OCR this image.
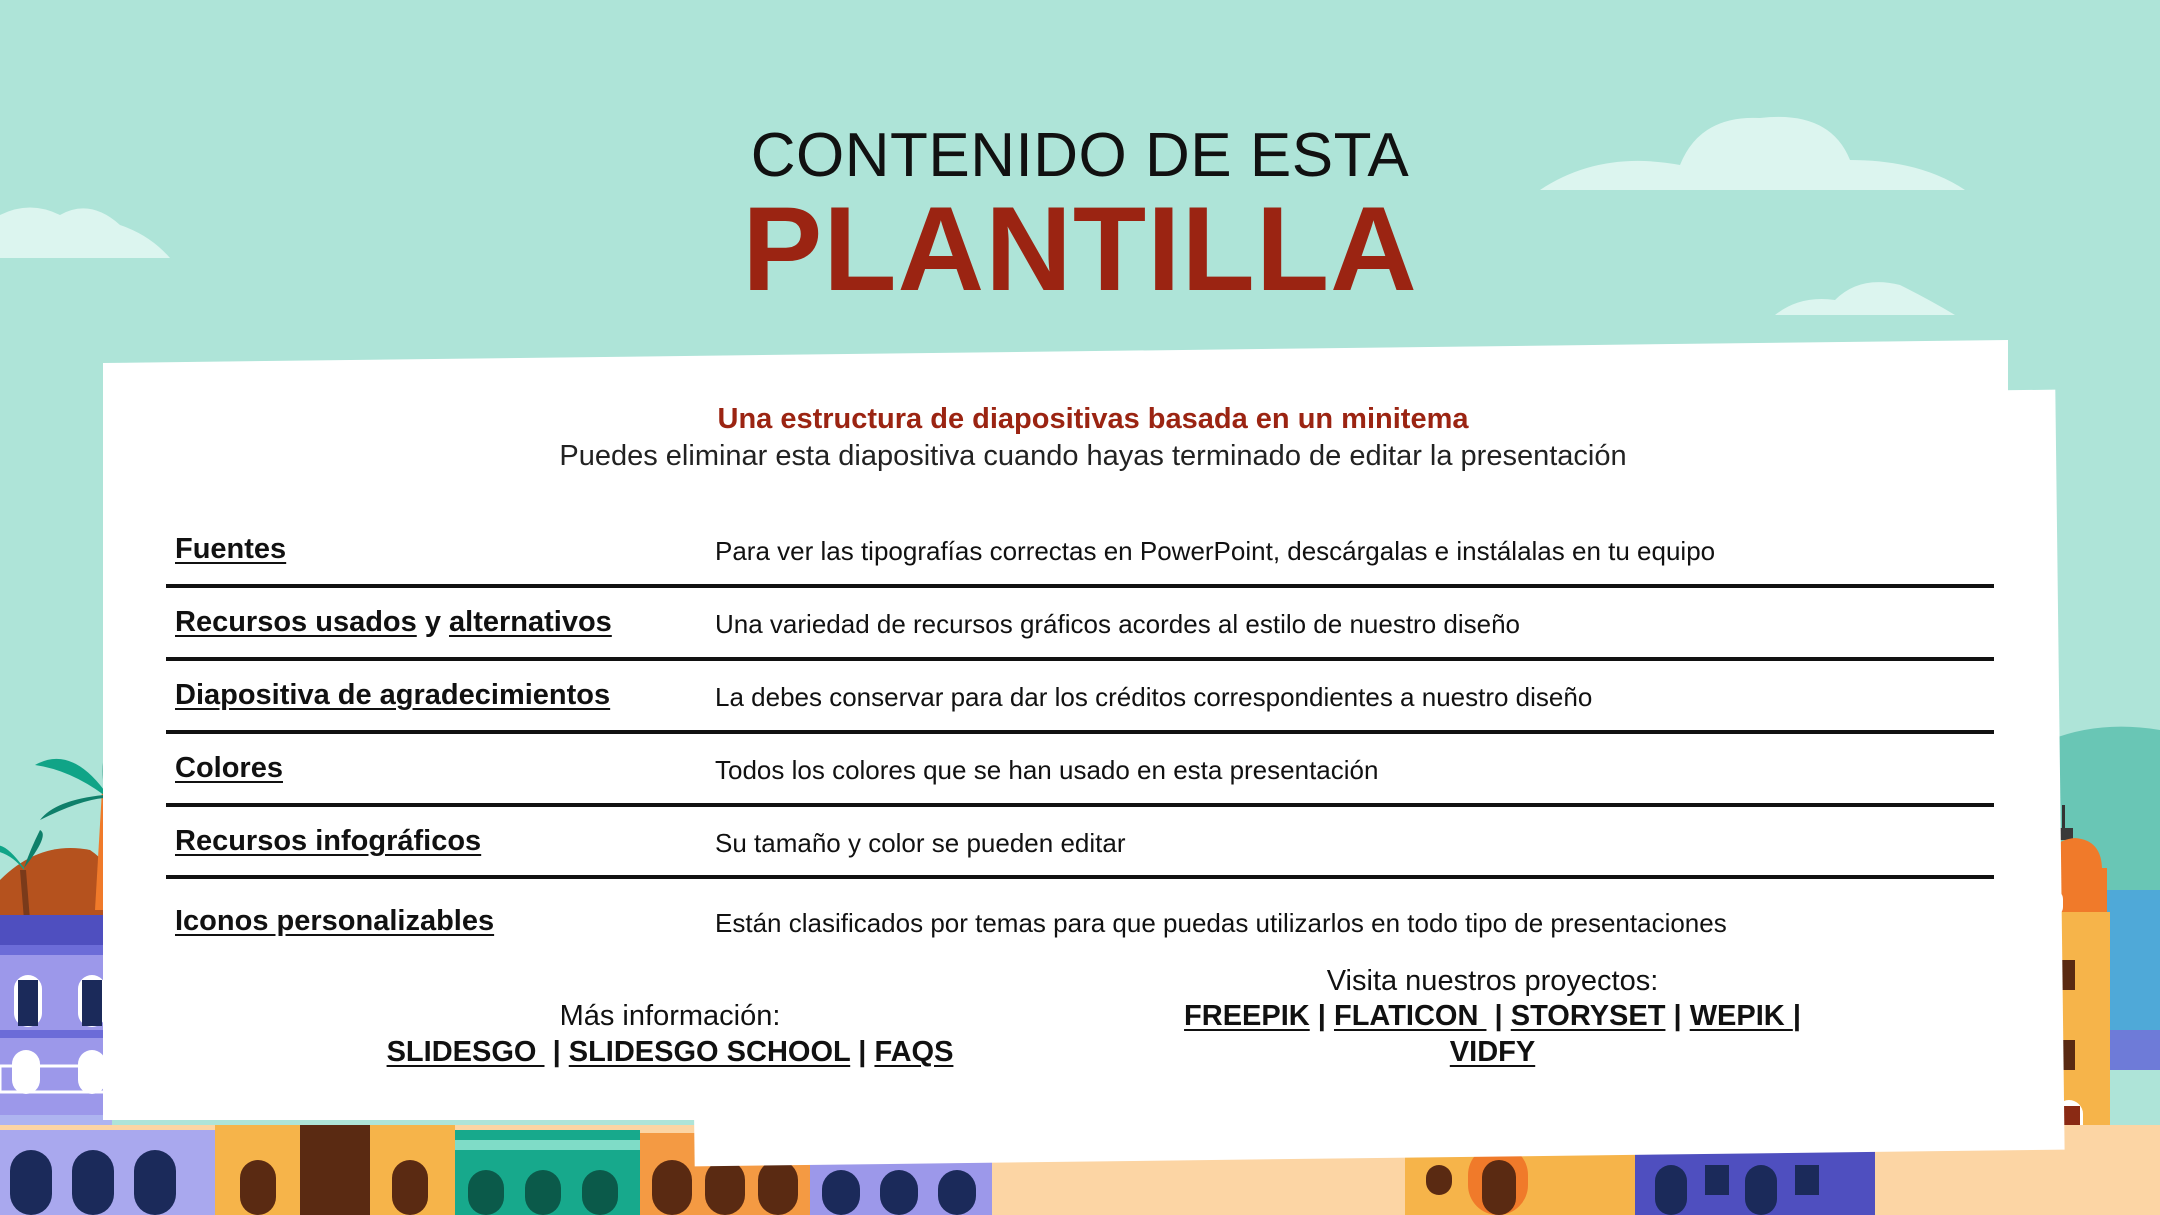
CONTENIDO DE ESTA
PLANTILLA
Una estructura de diapositivas basada en un minitema
Puedes eliminar esta diapositiva cuando hayas terminado de editar la presentación
Fuentes	Para ver las tipografías correctas en PowerPoint, descárgalas e instálalas en tu equipo
Recursos usados y alternativos	Una variedad de recursos gráficos acordes al estilo de nuestro diseño
Diapositiva de agradecimientos	La debes conservar para dar los créditos correspondientes a nuestro diseño
Colores	Todos los colores que se han usado en esta presentación
Recursos infográficos	Su tamaño y color se pueden editar
Iconos personalizables	Están clasificados por temas para que puedas utilizarlos en todo tipo de presentaciones
Más información:
SLIDESGO  | SLIDESGO SCHOOL | FAQS
Visita nuestros proyectos:
FREEPIK | FLATICON  | STORYSET | WEPIK |
VIDFY
